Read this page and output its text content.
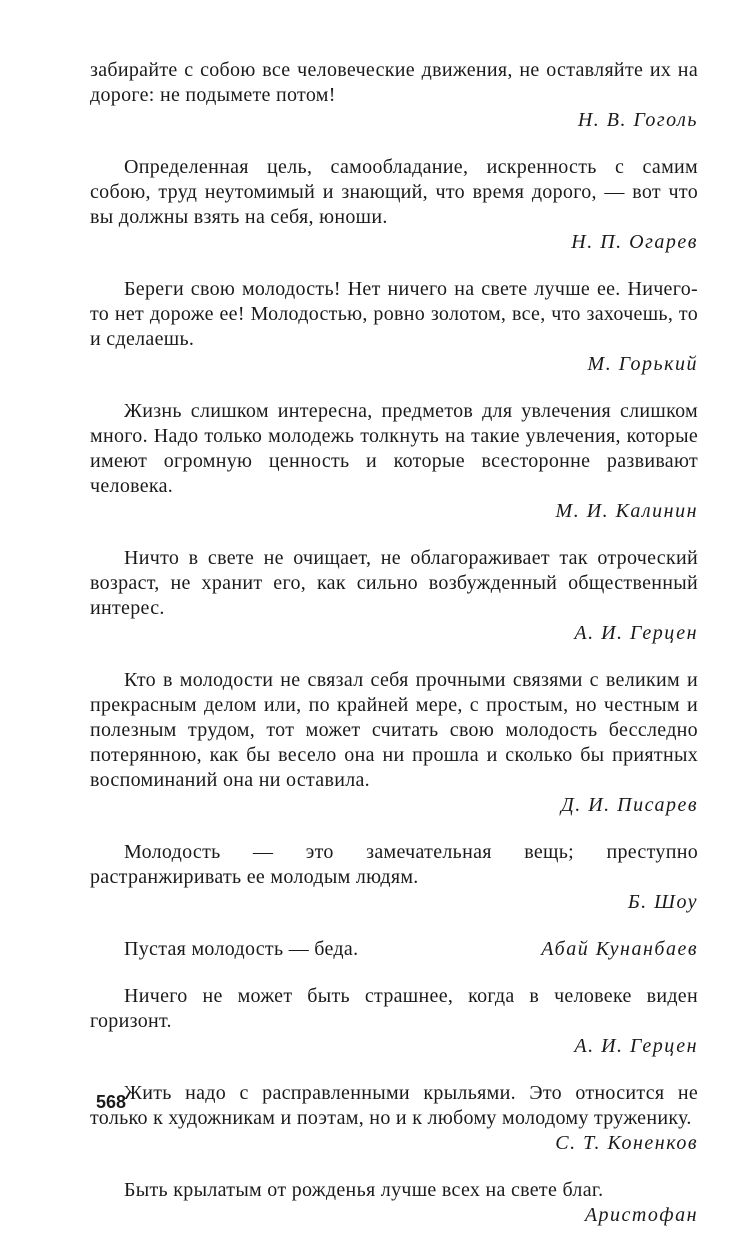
забирайте с собою все человеческие движения, не оставляйте их на дороге: не подымете потом!

Н. В. Гоголь

Определенная цель, самообладание, искренность с самим собою, труд неутомимый и знающий, что время дорого, — вот что вы должны взять на себя, юноши.

Н. П. Огарев

Береги свою молодость! Нет ничего на свете лучше ее. Ничего-то нет дороже ее! Молодостью, ровно золотом, все, что захочешь, то и сделаешь.

М. Горький

Жизнь слишком интересна, предметов для увлечения слишком много. Надо только молодежь толкнуть на такие увлечения, которые имеют огромную ценность и которые всесторонне развивают человека.

М. И. Калинин

Ничто в свете не очищает, не облагораживает так отроческий возраст, не хранит его, как сильно возбужденный общественный интерес.

А. И. Герцен

Кто в молодости не связал себя прочными связями с великим и прекрасным делом или, по крайней мере, с простым, но честным и полезным трудом, тот может считать свою молодость бесследно потерянною, как бы весело она ни прошла и сколько бы приятных воспоминаний она ни оставила.

Д. И. Писарев

Молодость — это замечательная вещь; преступно растранжиривать ее молодым людям.

Б. Шоу

Пустая молодость — беда.	Абай Кунанбаев

Ничего не может быть страшнее, когда в человеке виден горизонт.

А. И. Герцен

Жить надо с расправленными крыльями. Это относится не только к художникам и поэтам, но и к любому молодому труженику.

С. Т. Коненков

Быть крылатым от рожденья лучше всех на свете благ.

Аристофан

568
